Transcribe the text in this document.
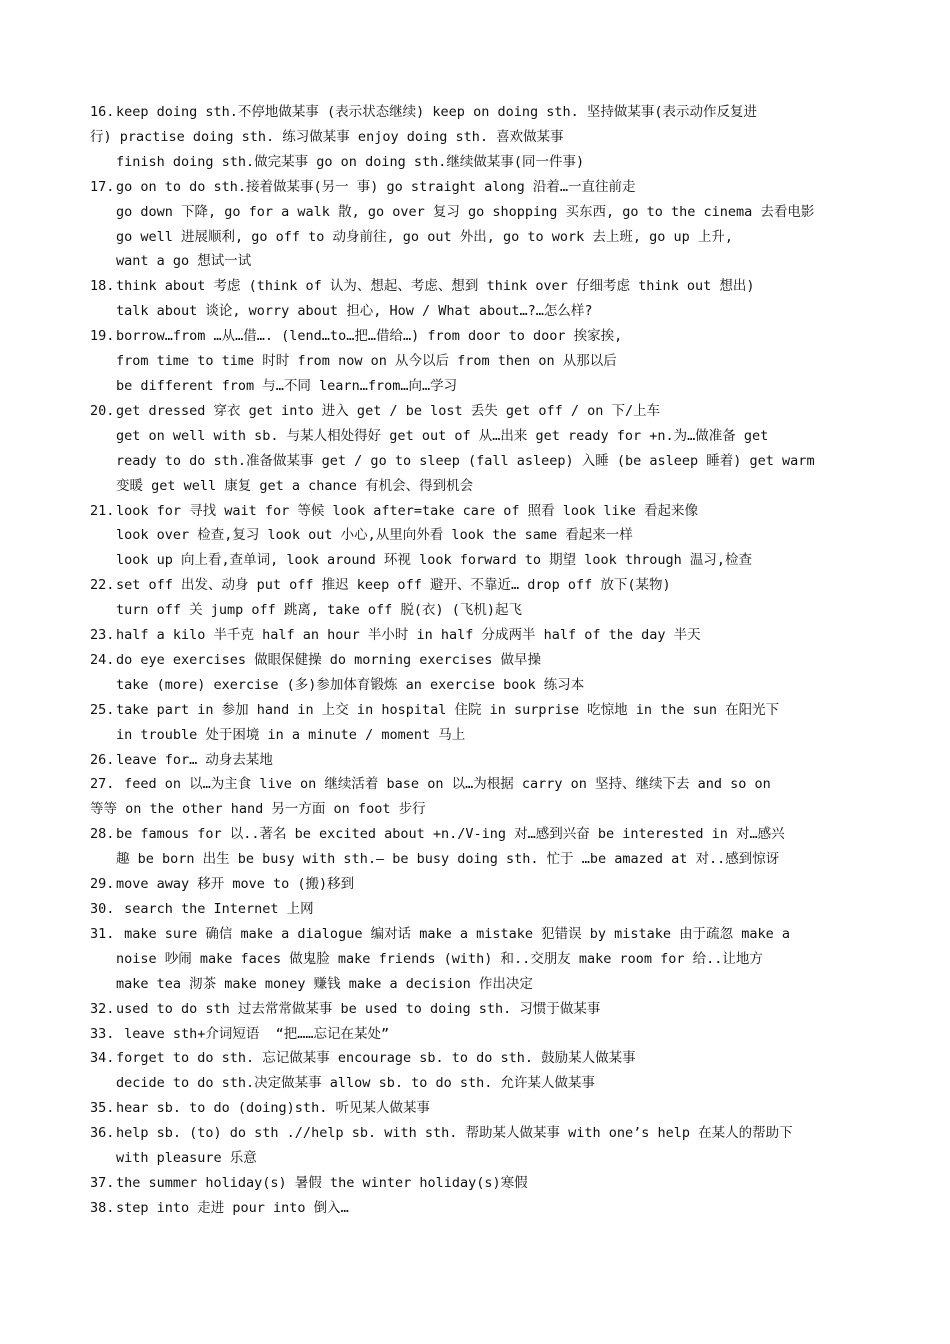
16. keep doing sth.不停地做某事 (表示状态继续) keep on doing sth. 坚持做某事(表示动作反复进
行) practise doing sth. 练习做某事 enjoy doing sth. 喜欢做某事
finish doing sth.做完某事 go on doing sth.继续做某事(同一件事)
17. go on to do sth.接着做某事(另一 事) go straight along 沿着…一直往前走
go down 下降, go for a walk 散, go over 复习 go shopping 买东西, go to the cinema 去看电影
go well 进展顺利, go off to 动身前往, go out 外出, go to work 去上班, go up 上升,
want a go 想试一试
18. think about 考虑 (think of 认为、想起、考虑、想到 think over 仔细考虑 think out 想出)
talk about 谈论, worry about 担心, How / What about…?…怎么样?
19. borrow…from …从…借…. (lend…to…把…借给…) from door to door 挨家挨,
from time to time 时时 from now on 从今以后 from then on 从那以后
be different from 与…不同 learn…from…向…学习
20. get dressed 穿衣 get into 进入 get / be lost 丢失 get off / on 下/上车
get on well with sb. 与某人相处得好 get out of 从…出来 get ready for +n.为…做准备 get
ready to do sth.准备做某事 get / go to sleep (fall asleep) 入睡 (be asleep 睡着) get warm
变暖 get well 康复 get a chance 有机会、得到机会
21. look for 寻找 wait for 等候 look after=take care of 照看 look like 看起来像
look over 检查,复习 look out 小心,从里向外看 look the same 看起来一样
look up 向上看,查单词, look around 环视 look forward to 期望 look through 温习,检查
22. set off 出发、动身 put off 推迟 keep off 避开、不靠近… drop off 放下(某物)
turn off 关 jump off 跳离, take off 脱(衣) (飞机)起飞
23. half a kilo 半千克 half an hour 半小时 in half 分成两半 half of the day 半天
24. do eye exercises 做眼保健操 do morning exercises 做早操
take (more) exercise (多)参加体育锻炼 an exercise book 练习本
25. take part in 参加 hand in 上交 in hospital 住院 in surprise 吃惊地 in the sun 在阳光下
in trouble 处于困境 in a minute / moment 马上
26. leave for… 动身去某地
27. feed on 以…为主食 live on 继续活着 base on 以…为根据 carry on 坚持、继续下去 and so on
等等 on the other hand 另一方面 on foot 步行
28. be famous for 以..著名 be excited about +n./V-ing 对…感到兴奋 be interested in 对…感兴
趣 be born 出生 be busy with sth.— be busy doing sth. 忙于 …be amazed at 对..感到惊讶
29. move away 移开 move to (搬)移到
30. search the Internet 上网
31. make sure 确信 make a dialogue 编对话 make a mistake 犯错误 by mistake 由于疏忽 make a
noise 吵闹 make faces 做鬼脸 make friends (with) 和..交朋友 make room for 给..让地方
make tea 沏茶 make money 赚钱 make a decision 作出决定
32. used to do sth 过去常常做某事 be used to doing sth. 习惯于做某事
33. leave sth+介词短语  “把……忘记在某处”
34. forget to do sth. 忘记做某事 encourage sb. to do sth. 鼓励某人做某事
decide to do sth.决定做某事 allow sb. to do sth. 允许某人做某事
35. hear sb. to do (doing)sth. 听见某人做某事
36. help sb. (to) do sth .//help sb. with sth. 帮助某人做某事 with one’s help 在某人的帮助下
with pleasure 乐意
37. the summer holiday(s) 暑假 the winter holiday(s)寒假
38. step into 走进 pour into 倒入…
